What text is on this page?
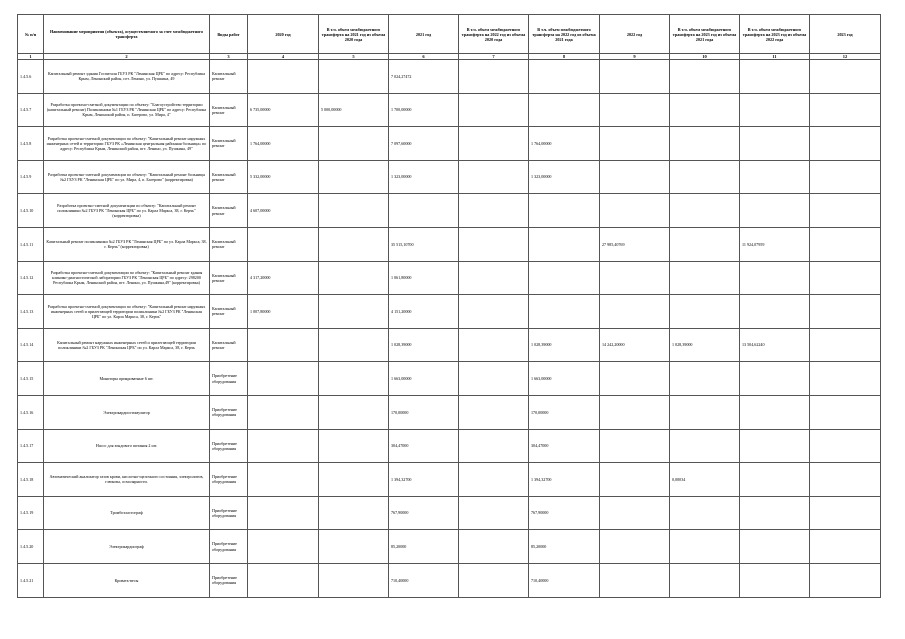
№ п/п	Наименование мероприятия (объекта), осуществляемого за счет межбюджетного трансферта	Виды работ	2020 год	В т.ч. объем межбюджетного трансферта на 2021 год из объема 2020 года	2021 год	В т.ч. объем межбюджетного трансферта на 2022 год из объема 2020 года	В т.ч. объем межбюджетного трансферта на 2022 год из объема 2021 года	2022 год	В т.ч. объем межбюджетного трансферта на 2023 год из объема 2021 года	В т.ч. объем межбюджетного трансферта на 2023 год из объема 2022 года	2023 год
1	2	3	4	5	6	7	8	9	10	11	12
1.4.5.6	Капитальный ремонт здания Госпиталя ГБУЗ РК "Ленинская ЦРБ" по адресу: Республика Крым, Ленинский район, пгт. Ленино, ул. Пушкина, 49	Капитальный ремонт			7 024,27472						
1.4.5.7	Разработка проектно-сметной документации по объекту: "Благоустройство территории (капитальный ремонт) Поликлиники №1 ГБУЗ РК "Ленинская ЦРБ" по адресу: Республика Крым, Ленинский район, п. Багерово, ул. Мира, 4"	Капитальный ремонт	6 735,00000	5 000,00000	1 700,00000						
1.4.5.8	Разработка проектно-сметной документации по объекту: "Капитальный ремонт наружных инженерных сетей и территории ГБУЗ РК «Ленинская центральная районная больница» по адресу: Республика Крым, Ленинский район, пгт. Ленино, ул. Пушкина, 49"	Капитальный ремонт	1 764,00000		7 097,60000		1 764,00000				
1.4.5.9	Разработка проектно-сметной документации по объекту: "Капитальный ремонт больницы №2 ГБУЗ РК "Ленинская ЦРБ" по ул. Мира, 4, п. Багерово" (корректировка)	Капитальный ремонт	5 332,00000		1 323,00000		1 323,00000				
1.4.5.10	Разработка проектно-сметной документации по объекту: "Капитальный ремонт поликлиники №2 ГБУЗ РК "Ленинская ЦРБ" по ул. Карла Маркса, 38, г. Керчь" (корректировка)	Капитальный ремонт	4 607,00000								
1.4.5.11	Капитальный ремонт поликлиники №2 ГБУЗ РК "Ленинская ЦРБ" по ул. Карла Маркса, 38, г. Керчь" (корректировка)	Капитальный ремонт			35 515,10700			27 985,40769		11 924,07959	
1.4.5.12	Разработка проектно-сметной документации по объекту: "Капитальный ремонт здания клинико-диагностической лаборатории ГБУЗ РК "Ленинская ЦРБ" по адресу: 298200 Республика Крым, Ленинский район, пгт. Ленино, ул. Пушкина,49" (корректировка)	Капитальный ремонт	4 317,20000		1 061,80000						
1.4.5.13	Разработка проектно-сметной документации по объекту: "Капитальный ремонт наружных инженерных сетей и прилегающей территории поликлиники №2 ГБУЗ РК "Ленинская ЦРБ" по ул. Карла Маркса, 38, г. Керчь"	Капитальный ремонт	1 007,80000		4 151,20000						
1.4.5.14	Капитальный ремонт наружных инженерных сетей и прилегающей территории поликлиники №2 ГБУЗ РК "Ленинская ЦРБ" по ул. Карла Маркса, 38, г. Керчь	Капитальный ремонт			1 028,39000		1 028,39000	14 242,20000	1 028,39000	13 504,62240	
1.4.5.15	Мониторы прикроватные 6 шт.	Приобретение оборудования			1 663,00000		1 663,00000				
1.4.5.16	Электрокардиостимулятор	Приобретение оборудования			170,00000		170,00000				
1.4.5.17	Насос для зондового питания 2 шт.	Приобретение оборудования			304,47000		304,47000				
1.4.5.18	Автоматический анализатор газов крови, кислотно-щелочного состояния, электролитов, глюкозы, осмолярности.	Приобретение оборудования			1 394,32700		1 394,32700		0,00034		
1.4.5.19	Тромбоэластограф	Приобретение оборудования			767,90000		767,90000				
1.4.5.20	Электрокардиограф	Приобретение оборудования			85,20000		85,20000				
1.4.5.21	Кровать-весы	Приобретение оборудования			710,40000		710,40000				
